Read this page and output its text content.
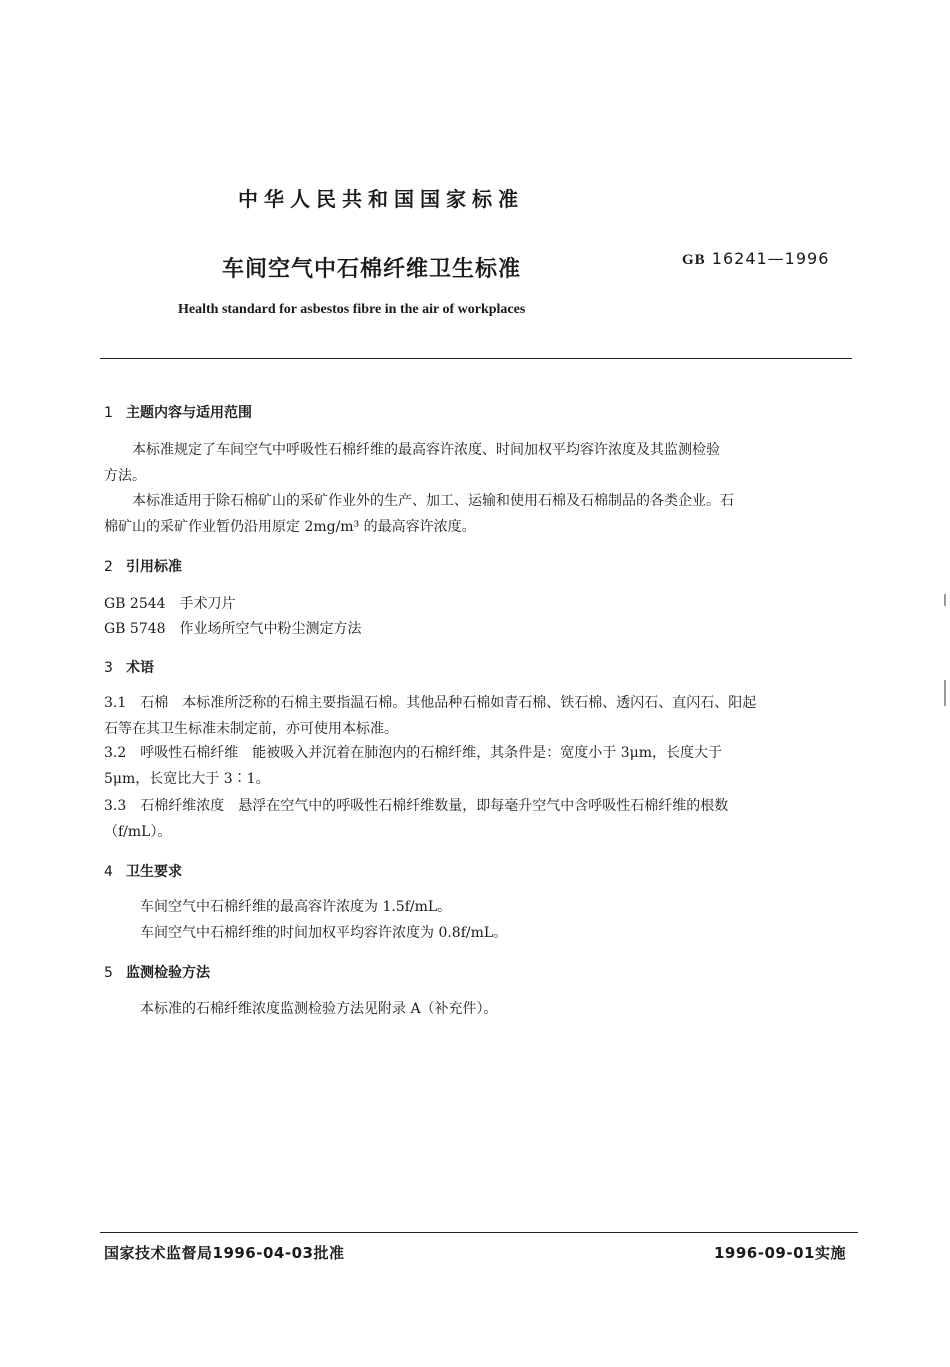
中华人民共和国国家标准
车间空气中石棉纤维卫生标准	GB 16241—1996
Health standard for asbestos fibre in the air of workplaces
1 主题内容与适用范围
本标准规定了车间空气中呼吸性石棉纤维的最高容许浓度、时间加权平均容许浓度及其监测检验
方法。
本标准适用于除石棉矿山的采矿作业外的生产、加工、运输和使用石棉及石棉制品的各类企业。石
棉矿山的采矿作业暂仍沿用原定 2mg/m³ 的最高容许浓度。
2 引用标准
GB 2544　手术刀片
GB 5748　作业场所空气中粉尘测定方法
3 术语
3.1　石棉　本标准所泛称的石棉主要指温石棉。其他品种石棉如青石棉、铁石棉、透闪石、直闪石、阳起
石等在其卫生标准未制定前，亦可使用本标准。
3.2　呼吸性石棉纤维　能被吸入并沉着在肺泡内的石棉纤维，其条件是：宽度小于 3μm，长度大于
5μm，长宽比大于 3∶1。
3.3　石棉纤维浓度　悬浮在空气中的呼吸性石棉纤维数量，即每毫升空气中含呼吸性石棉纤维的根数
（f/mL）。
4 卫生要求
车间空气中石棉纤维的最高容许浓度为 1.5f/mL。
车间空气中石棉纤维的时间加权平均容许浓度为 0.8f/mL。
5 监测检验方法
本标准的石棉纤维浓度监测检验方法见附录 A（补充件）。
国家技术监督局1996-04-03批准	1996-09-01实施
